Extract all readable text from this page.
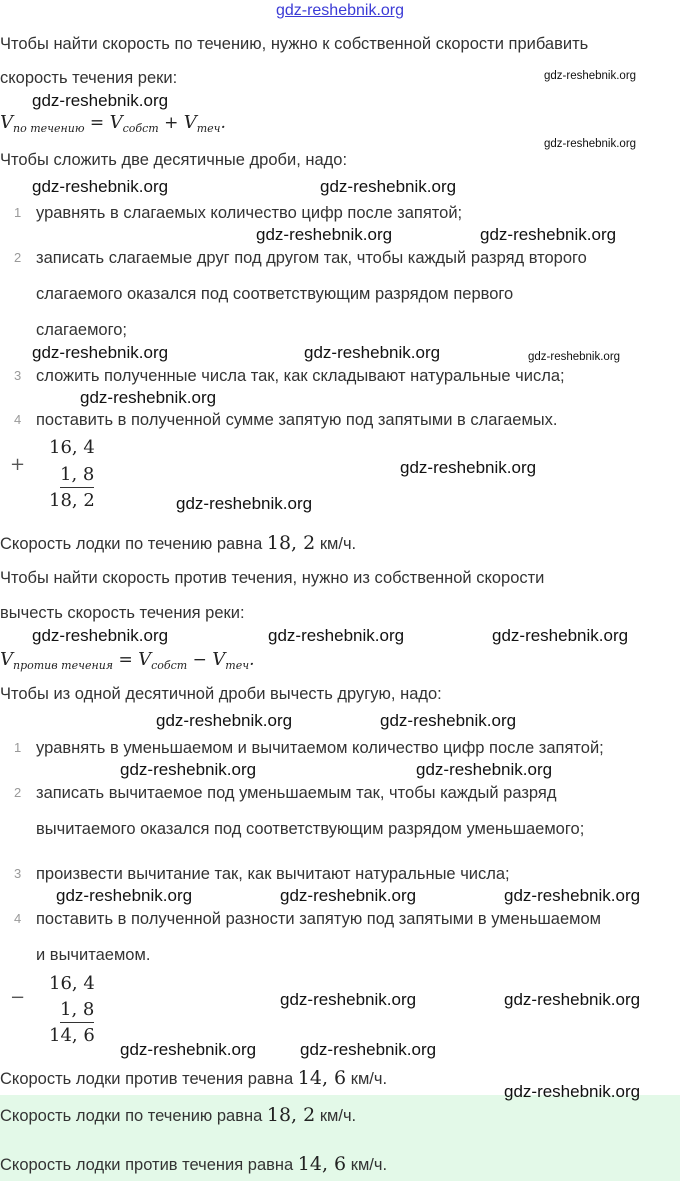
gdz-reshebnik.org
Чтобы найти скорость по течению, нужно к собственной скорости прибавить
скорость течения реки:
$V_{по течению} = V_{собст} + V_{теч}$.
Чтобы сложить две десятичные дроби, надо:
1 уравнять в слагаемых количество цифр после запятой;
2 записать слагаемые друг под другом так, чтобы каждый разряд второго
слагаемого оказался под соответствующим разрядом первого
слагаемого;
3 сложить полученные числа так, как складывают натуральные числа;
4 поставить в полученной сумме запятую под запятыми в слагаемых.
+
16, 4
1, 8
18, 2
Скорость лодки по течению равна 18, 2 км/ч.
Чтобы найти скорость против течения, нужно из собственной скорости
вычесть скорость течения реки:
$V_{против течения} = V_{собст} - V_{теч}$.
Чтобы из одной десятичной дроби вычесть другую, надо:
1 уравнять в уменьшаемом и вычитаемом количество цифр после запятой;
2 записать вычитаемое под уменьшаемым так, чтобы каждый разряд
вычитаемого оказался под соответствующим разрядом уменьшаемого;
3 произвести вычитание так, как вычитают натуральные числа;
4 поставить в полученной разности запятую под запятыми в уменьшаемом
и вычитаемом.
−
16, 4
1, 8
14, 6
Скорость лодки против течения равна 14, 6 км/ч.
Скорость лодки по течению равна 18, 2 км/ч.
Скорость лодки против течения равна 14, 6 км/ч.
gdz-reshebnik.org
gdz-reshebnik.org
gdz-reshebnik.org
gdz-reshebnik.org	gdz-reshebnik.org
gdz-reshebnik.org	gdz-reshebnik.org
gdz-reshebnik.org
gdz-reshebnik.org
gdz-reshebnik.org
gdz-reshebnik.org	gdz-reshebnik.org	gdz-reshebnik.org
gdz-reshebnik.org	gdz-reshebnik.org
gdz-reshebnik.org	gdz-reshebnik.org
gdz-reshebnik.org	gdz-reshebnik.org	gdz-reshebnik.org
gdz-reshebnik.org	gdz-reshebnik.org
gdz-reshebnik.org	gdz-reshebnik.org
gdz-reshebnik.org
gdz-reshebnik.org
gdz-reshebnik.org
gdz-reshebnik.org
